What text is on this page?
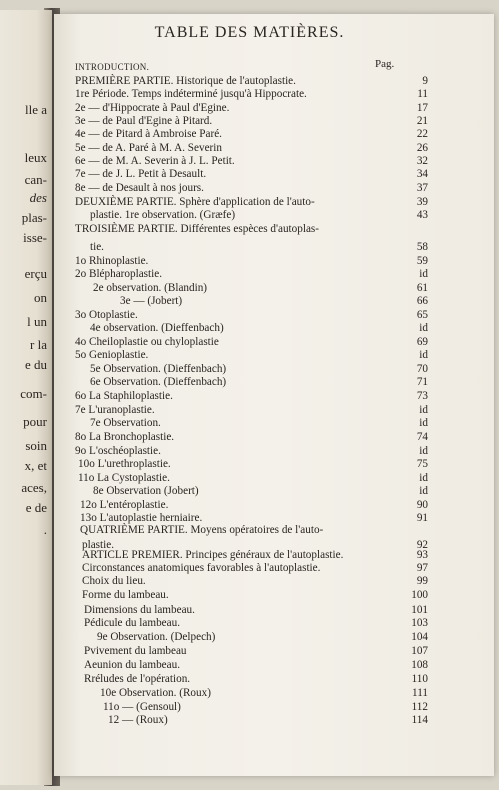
lle a
leux
can-
des
plas-
isse-
erçu
on
l un
r la
e du
com-
pour
soin
x, et
aces,
e de
.
TABLE DES MATIÈRES.
Pag.
INTRODUCTION.
PREMIÈRE PARTIE. Historique de l'autoplastie.	9
1re Période. Temps indéterminé jusqu'à Hippocrate.	11
2e — d'Hippocrate à Paul d'Egine.	17
3e — de Paul d'Egine à Pitard.	21
4e — de Pitard à Ambroise Paré.	22
5e — de A. Paré à M. A. Severin	26
6e — de M. A. Severin à J. L. Petit.	32
7e — de J. L. Petit à Desault.	34
8e — de Desault à nos jours.	37
DEUXIÈME PARTIE. Sphère d'application de l'auto-	39
plastie. 1re observation. (Græfe)	43
TROISIÈME PARTIE. Différentes espèces d'autoplas-
tie.	58
1o Rhinoplastie.	59
2o Blépharoplastie.	id
2e observation. (Blandin)	61
3e — (Jobert)	66
3o Otoplastie.	65
4e observation. (Dieffenbach)	id
4o Cheiloplastie ou chyloplastie	69
5o Genioplastie.	id
5e Observation. (Dieffenbach)	70
6e Observation. (Dieffenbach)	71
6o La Staphiloplastie.	73
7e L'uranoplastie.	id
7e Observation.	id
8o La Bronchoplastie.	74
9o L'oschéoplastie.	id
10o L'urethroplastie.	75
11o La Cystoplastie.	id
8e Observation (Jobert)	id
12o L'entéroplastie.	90
13o L'autoplastie herniaire.	91
QUATRIÈME PARTIE. Moyens opératoires de l'auto-
plastie.	92
ARTICLE PREMIER. Principes généraux de l'autoplastie.	93
Circonstances anatomiques favorables à l'autoplastie.	97
Choix du lieu.	99
Forme du lambeau.	100
Dimensions du lambeau.	101
Pédicule du lambeau.	103
9e Observation. (Delpech)	104
Pvivement du lambeau	107
Aeunion du lambeau.	108
Rréludes de l'opération.	110
10e Observation. (Roux)	111
11o — (Gensoul)	112
12 — (Roux)	114
